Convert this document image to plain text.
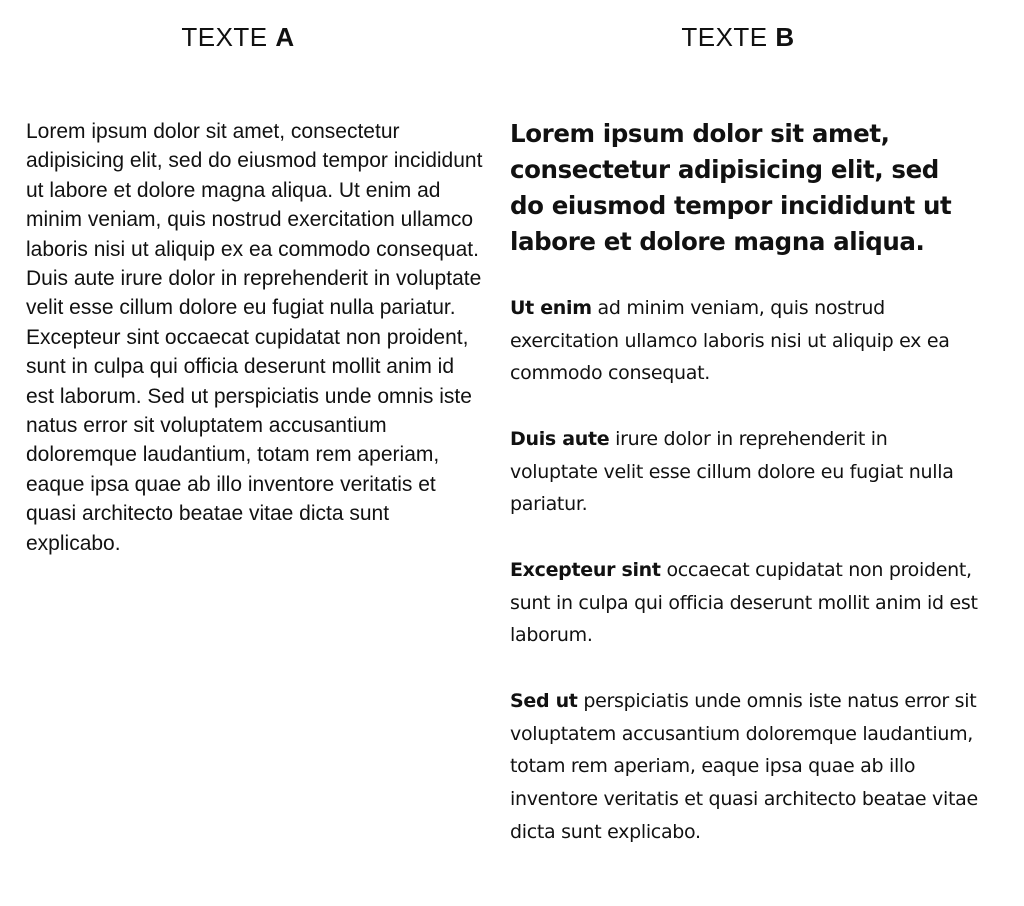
TEXTE A	TEXTE B

Lorem ipsum dolor sit amet, consectetur adipisicing elit, sed do eiusmod tempor incididunt ut labore et dolore magna aliqua. Ut enim ad minim veniam, quis nostrud exercitation ullamco laboris nisi ut aliquip ex ea commodo consequat. Duis aute irure dolor in reprehenderit in voluptate velit esse cillum dolore eu fugiat nulla pariatur. Excepteur sint occaecat cupidatat non proident, sunt in culpa qui officia deserunt mollit anim id est laborum. Sed ut perspiciatis unde omnis iste natus error sit voluptatem accusantium doloremque laudantium, totam rem aperiam, eaque ipsa quae ab illo inventore veritatis et quasi architecto beatae vitae dicta sunt explicabo.

Lorem ipsum dolor sit amet, consectetur adipisicing elit, sed do eiusmod tempor incididunt ut labore et dolore magna aliqua.

Ut enim ad minim veniam, quis nostrud exercitation ullamco laboris nisi ut aliquip ex ea commodo consequat.

Duis aute irure dolor in reprehenderit in voluptate velit esse cillum dolore eu fugiat nulla pariatur.

Excepteur sint occaecat cupidatat non proident, sunt in culpa qui officia deserunt mollit anim id est laborum.

Sed ut perspiciatis unde omnis iste natus error sit voluptatem accusantium doloremque laudantium, totam rem aperiam, eaque ipsa quae ab illo inventore veritatis et quasi architecto beatae vitae dicta sunt explicabo.
